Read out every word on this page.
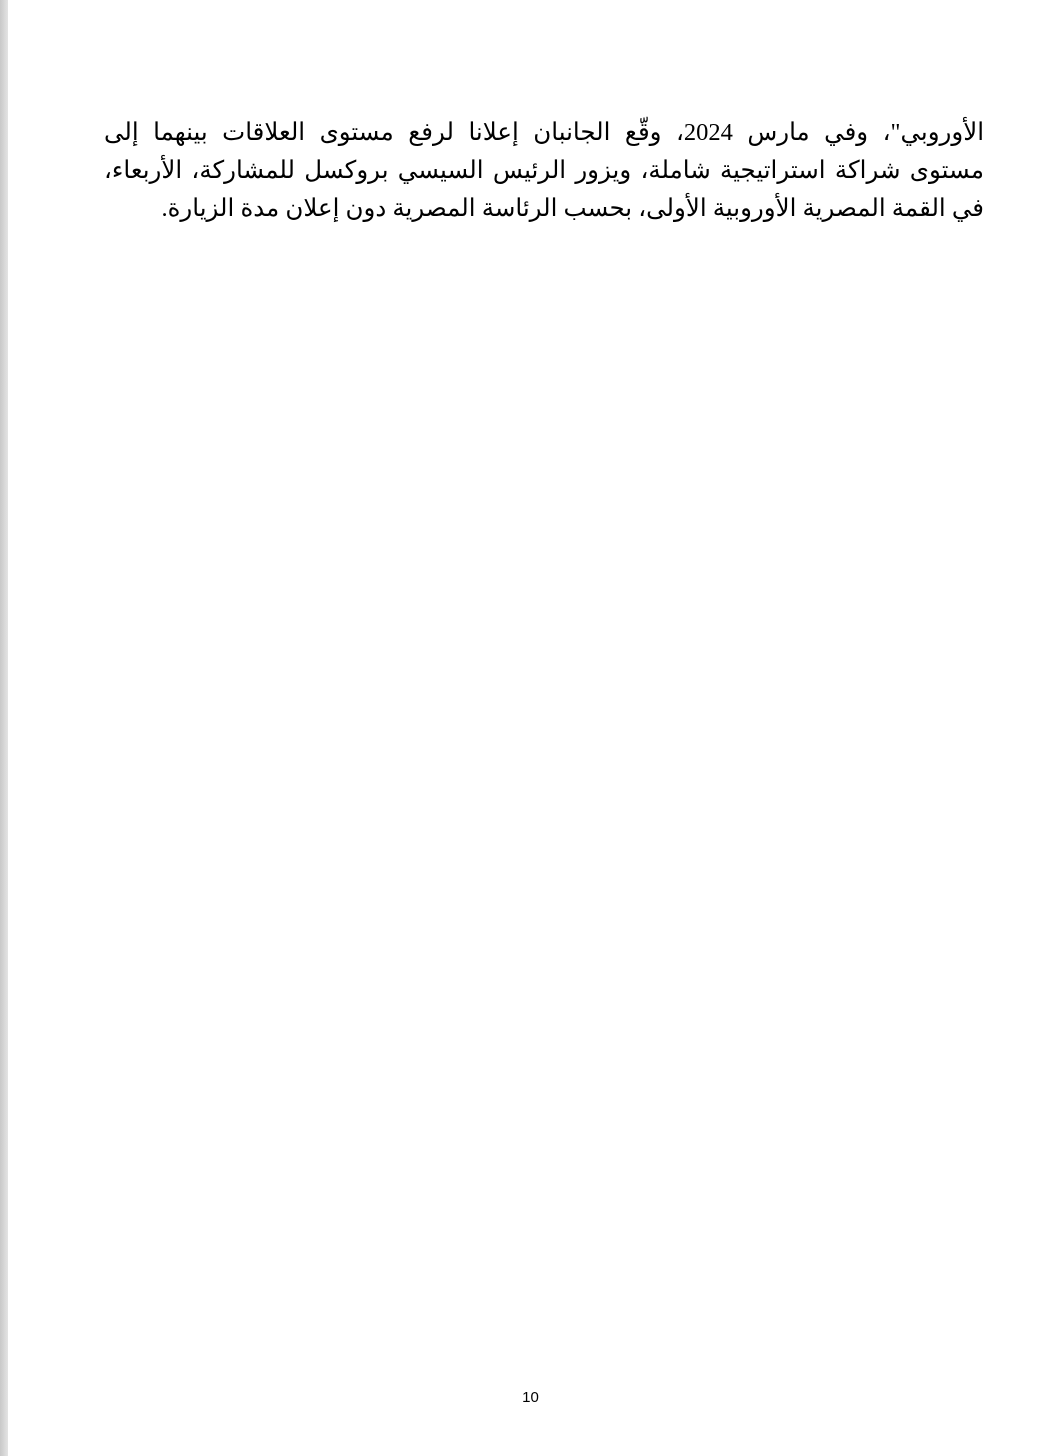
الأوروبي"، وفي مارس 2024، وقّع الجانبان إعلانا لرفع مستوى العلاقات بينهما إلى
مستوى شراكة استراتيجية شاملة، ويزور الرئيس السيسي بروكسل للمشاركة، الأربعاء،
في القمة المصرية الأوروبية الأولى، بحسب الرئاسة المصرية دون إعلان مدة الزيارة.

10
